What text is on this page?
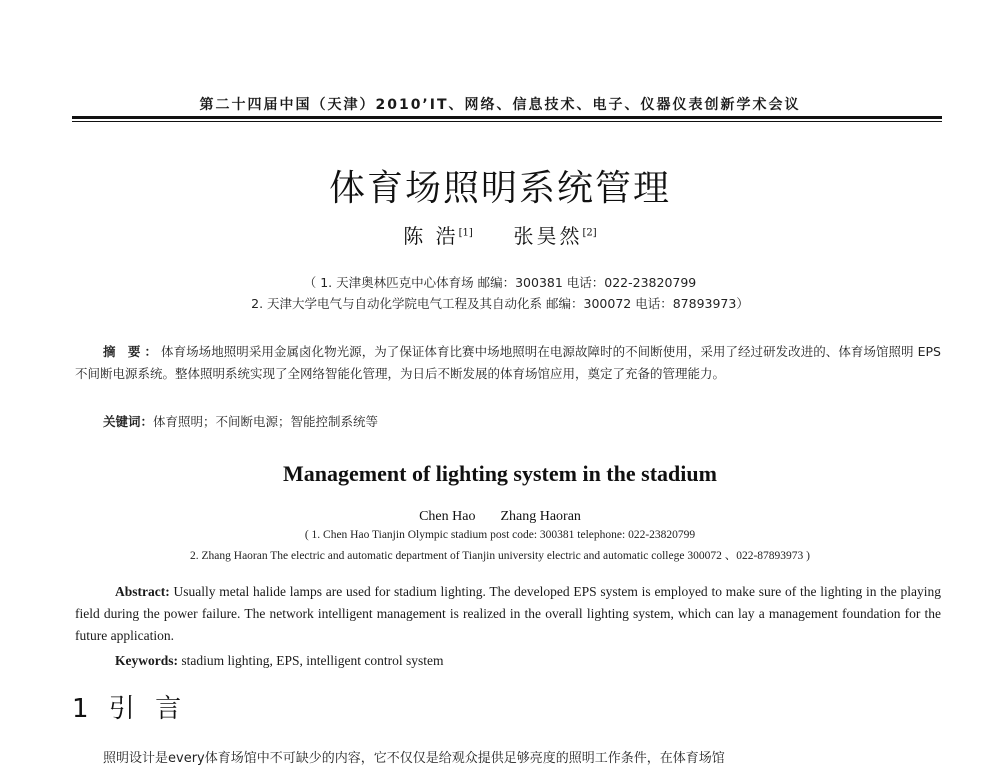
第二十四届中国（天津）2010’IT、网络、信息技术、电子、仪器仪表创新学术会议
体育场照明系统管理
陈 浩[1] 张昊然[2]
（ 1. 天津奥林匹克中心体育场 邮编：300381 电话：022-23820799
2. 天津大学电气与自动化学院电气工程及其自动化系 邮编：300072 电话：87893973）
摘 要：体育场场地照明采用金属卤化物光源，为了保证体育比赛中场地照明在电源故障时的不间断使用，采用了经过研发改进的、体育场馆照明 EPS 不间断电源系统。整体照明系统实现了全网络智能化管理，为日后不断发展的体育场馆应用，奠定了充备的管理能力。
关键词：体育照明；不间断电源；智能控制系统等
Management of lighting system in the stadium
Chen Hao Zhang Haoran
( 1. Chen Hao Tianjin Olympic stadium post code: 300381 telephone: 022-23820799
2. Zhang Haoran The electric and automatic department of Tianjin university electric and automatic college 300072 、022-87893973 )
Abstract: Usually metal halide lamps are used for stadium lighting. The developed EPS system is employed to make sure of the lighting in the playing field during the power failure. The network intelligent management is realized in the overall lighting system, which can lay a management foundation for the future application.
Keywords: stadium lighting, EPS, intelligent control system
1 引 言
照明设计是every体育场馆中不可缺少的内容，它不仅仅是给观众提供足够亮度的照明工作条件，在体育场馆
